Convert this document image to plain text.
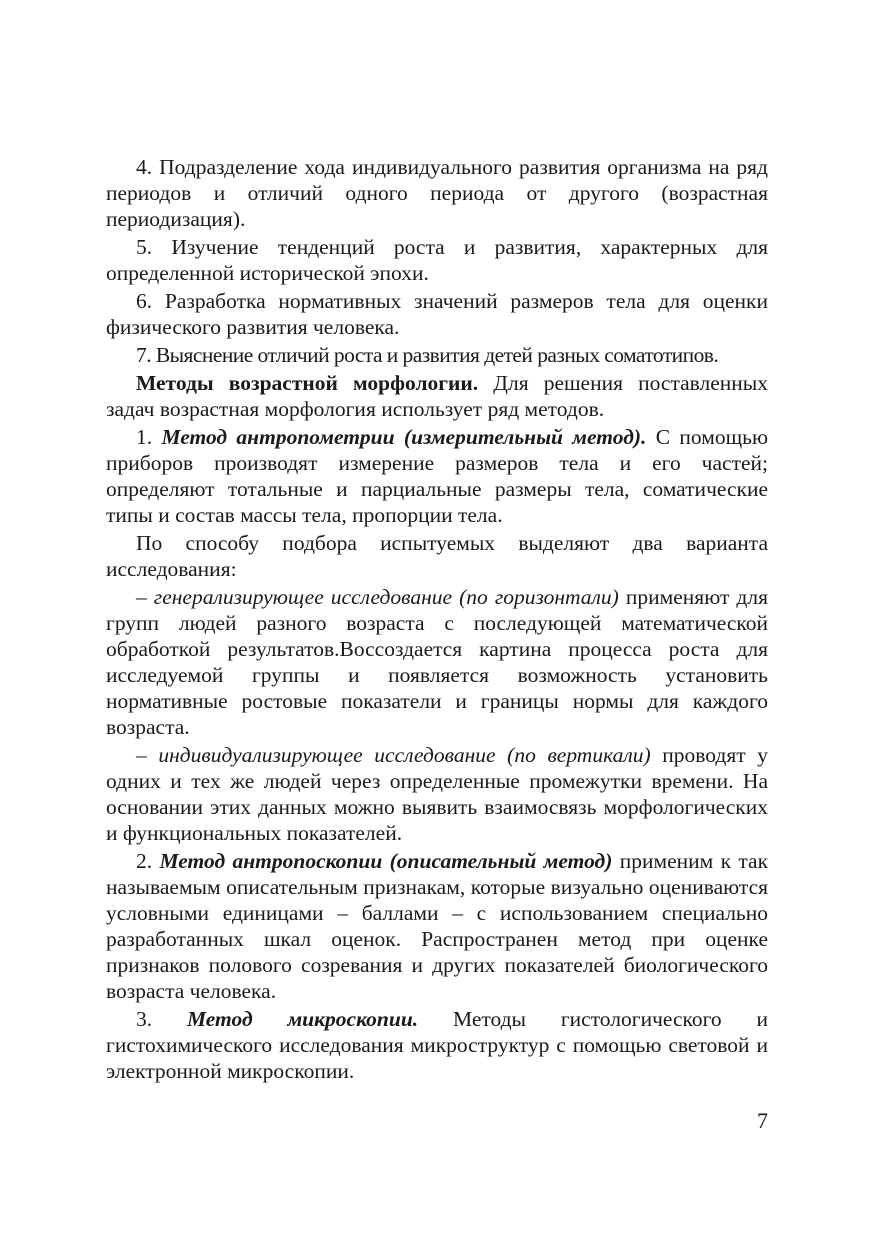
4. Подразделение хода индивидуального развития организма на ряд периодов и отличий одного периода от другого (возрастная периодизация).

5. Изучение тенденций роста и развития, характерных для определенной исторической эпохи.

6. Разработка нормативных значений размеров тела для оценки физического развития человека.

7. Выяснение отличий роста и развития детей разных соматотипов.

Методы возрастной морфологии. Для решения поставленных задач возрастная морфология использует ряд методов.

1. Метод антропометрии (измерительный метод). С помощью приборов производят измерение размеров тела и его частей; определяют тотальные и парциальные размеры тела, соматические типы и состав массы тела, пропорции тела.

По способу подбора испытуемых выделяют два варианта исследования:

– генерализирующее исследование (по горизонтали) применяют для групп людей разного возраста с последующей математической обработкой результатов.Воссоздается картина процесса роста для исследуемой группы и появляется возможность установить нормативные ростовые показатели и границы нормы для каждого возраста.

– индивидуализирующее исследование (по вертикали) проводят у одних и тех же людей через определенные промежутки времени. На основании этих данных можно выявить взаимосвязь морфологических и функциональных показателей.

2. Метод антропоскопии (описательный метод) применим к так называемым описательным признакам, которые визуально оцениваются условными единицами – баллами – с использованием специально разработанных шкал оценок. Распространен метод при оценке признаков полового созревания и других показателей биологического возраста человека.

3. Метод микроскопии. Методы гистологического и гистохимического исследования микроструктур с помощью световой и электронной микроскопии.

7
